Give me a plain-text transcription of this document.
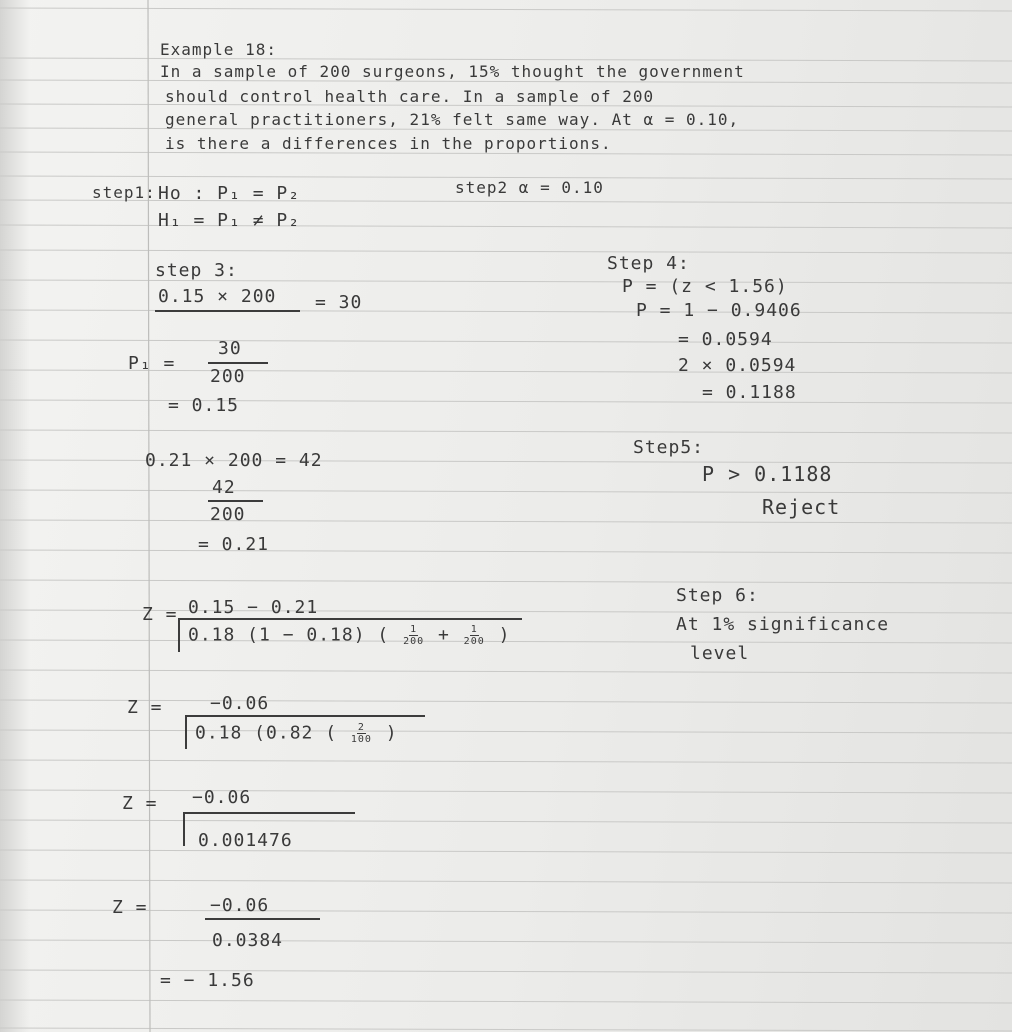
Example 18:
In a sample of 200 surgeons, 15% thought the government
should control health care. In a sample of 200
general practitioners, 21% felt same way. At α = 0.10,
is there a differences in the proportions.
step1: Ho : P₁ = P₂
H₁ = P₁ ≠ P₂
step2 α = 0.10
step 3:
0.15 × 200 = 30
P₁ =
30
200
= 0.15
0.21 × 200 = 42
42
200
= 0.21
Z = 0.15 − 0.21
0.18 (1 − 0.18) ( $\frac{1}{200} + \frac{1}{200}$ )
Z =	−0.06
0.18 (0.82 ( $\frac{2}{100}$ )
Z = −0.06
0.001476
Z =	−0.06
0.0384
= − 1.56
Step 4:
P = (z < 1.56)
P = 1 − 0.9406
= 0.0594
2 × 0.0594
= 0.1188
Step5:
P > 0.1188
Reject
Step 6:
At 1% significance
level
